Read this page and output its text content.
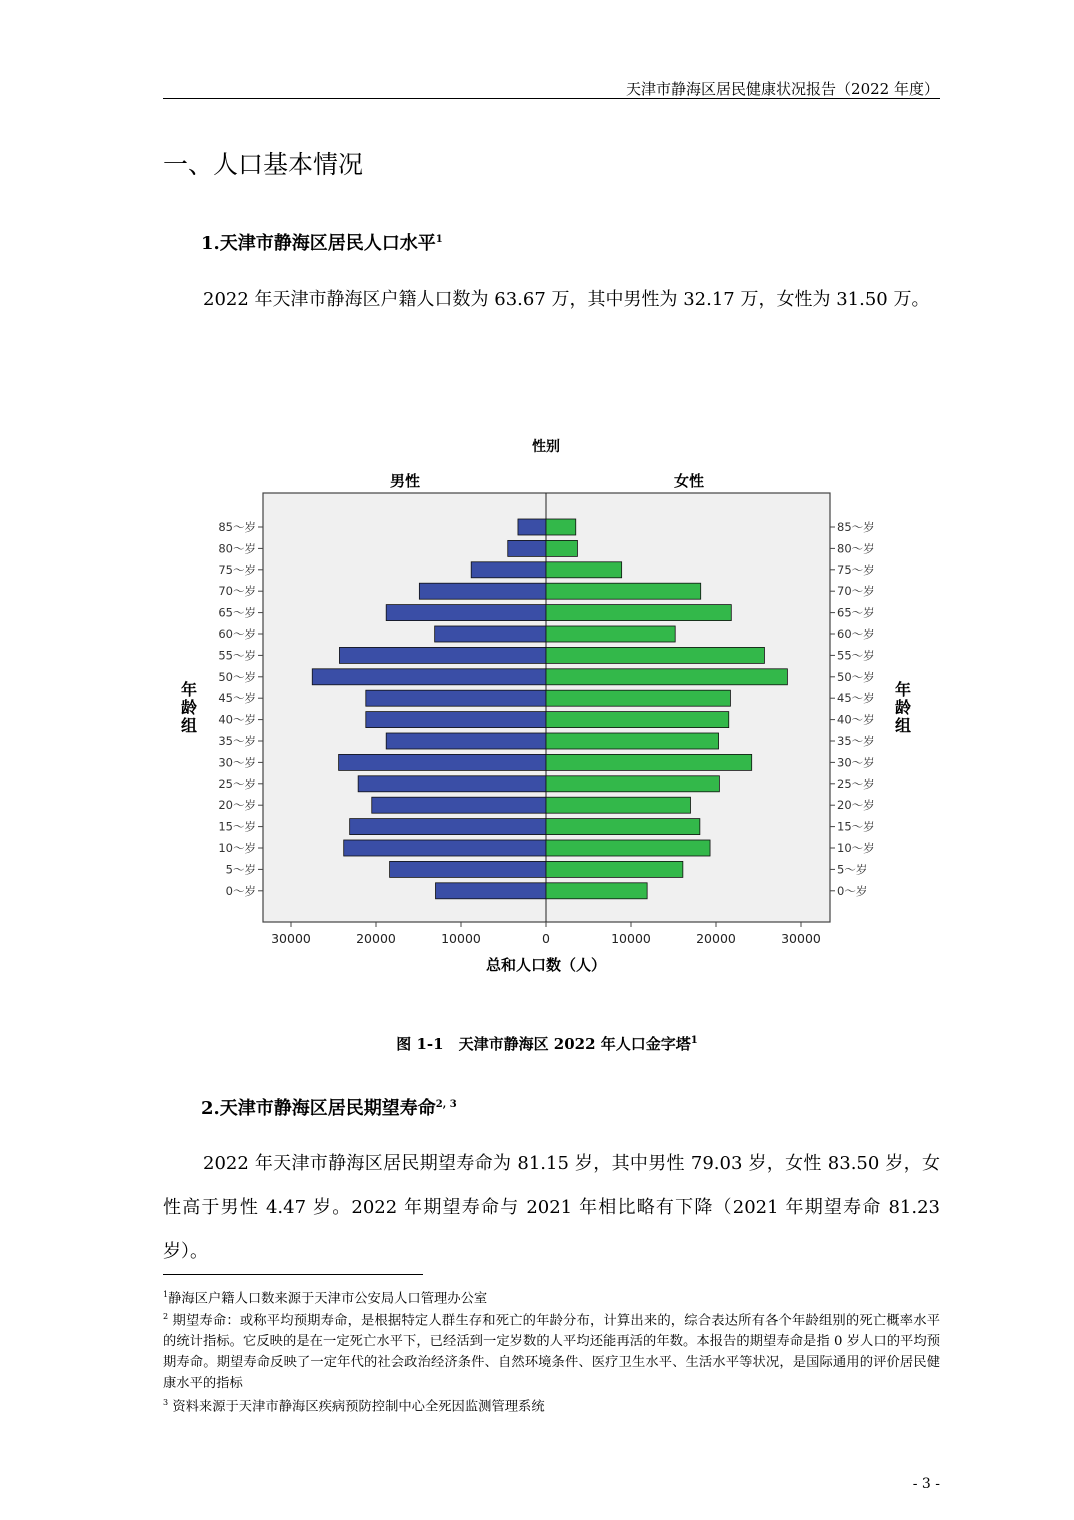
天津市静海区居民健康状况报告（2022 年度）
一、人口基本情况
1.天津市静海区居民人口水平$^1$
2022 年天津市静海区户籍人口数为 63.67 万，其中男性为 32.17 万，女性为 31.50 万。
性别
男性	女性
85～岁	85～岁
80～岁	80～岁
75～岁	75～岁
70～岁	70～岁
65～岁	65～岁
60～岁	60～岁
55～岁	55～岁
50～岁	50～岁
45～岁	45～岁
40～岁	40～岁
35～岁	35～岁
30～岁	30～岁
25～岁	25～岁
20～岁	20～岁
15～岁	15～岁
10～岁	10～岁
5～岁	5～岁
0～岁	0～岁
30000	20000	10000	0	10000	20000	30000
总和人口数（人）
年	年
龄	龄
组	组
图 1-1　天津市静海区 2022 年人口金字塔$^1$
2.天津市静海区居民期望寿命$^{2, 3}$
2022 年天津市静海区居民期望寿命为 81.15 岁，其中男性 79.03 岁，女性 83.50 岁，女性高于男性 4.47 岁。2022 年期望寿命与 2021 年相比略有下降（2021 年期望寿命 81.23 岁）。
$^1$静海区户籍人口数来源于天津市公安局人口管理办公室
$^2$ 期望寿命：或称平均预期寿命，是根据特定人群生存和死亡的年龄分布，计算出来的，综合表达所有各个年龄组别的死亡概率水平的统计指标。它反映的是在一定死亡水平下，已经活到一定岁数的人平均还能再活的年数。本报告的期望寿命是指 0 岁人口的平均预期寿命。期望寿命反映了一定年代的社会政治经济条件、自然环境条件、医疗卫生水平、生活水平等状况，是国际通用的评价居民健康水平的指标
$^3$ 资料来源于天津市静海区疾病预防控制中心全死因监测管理系统
- 3 -
